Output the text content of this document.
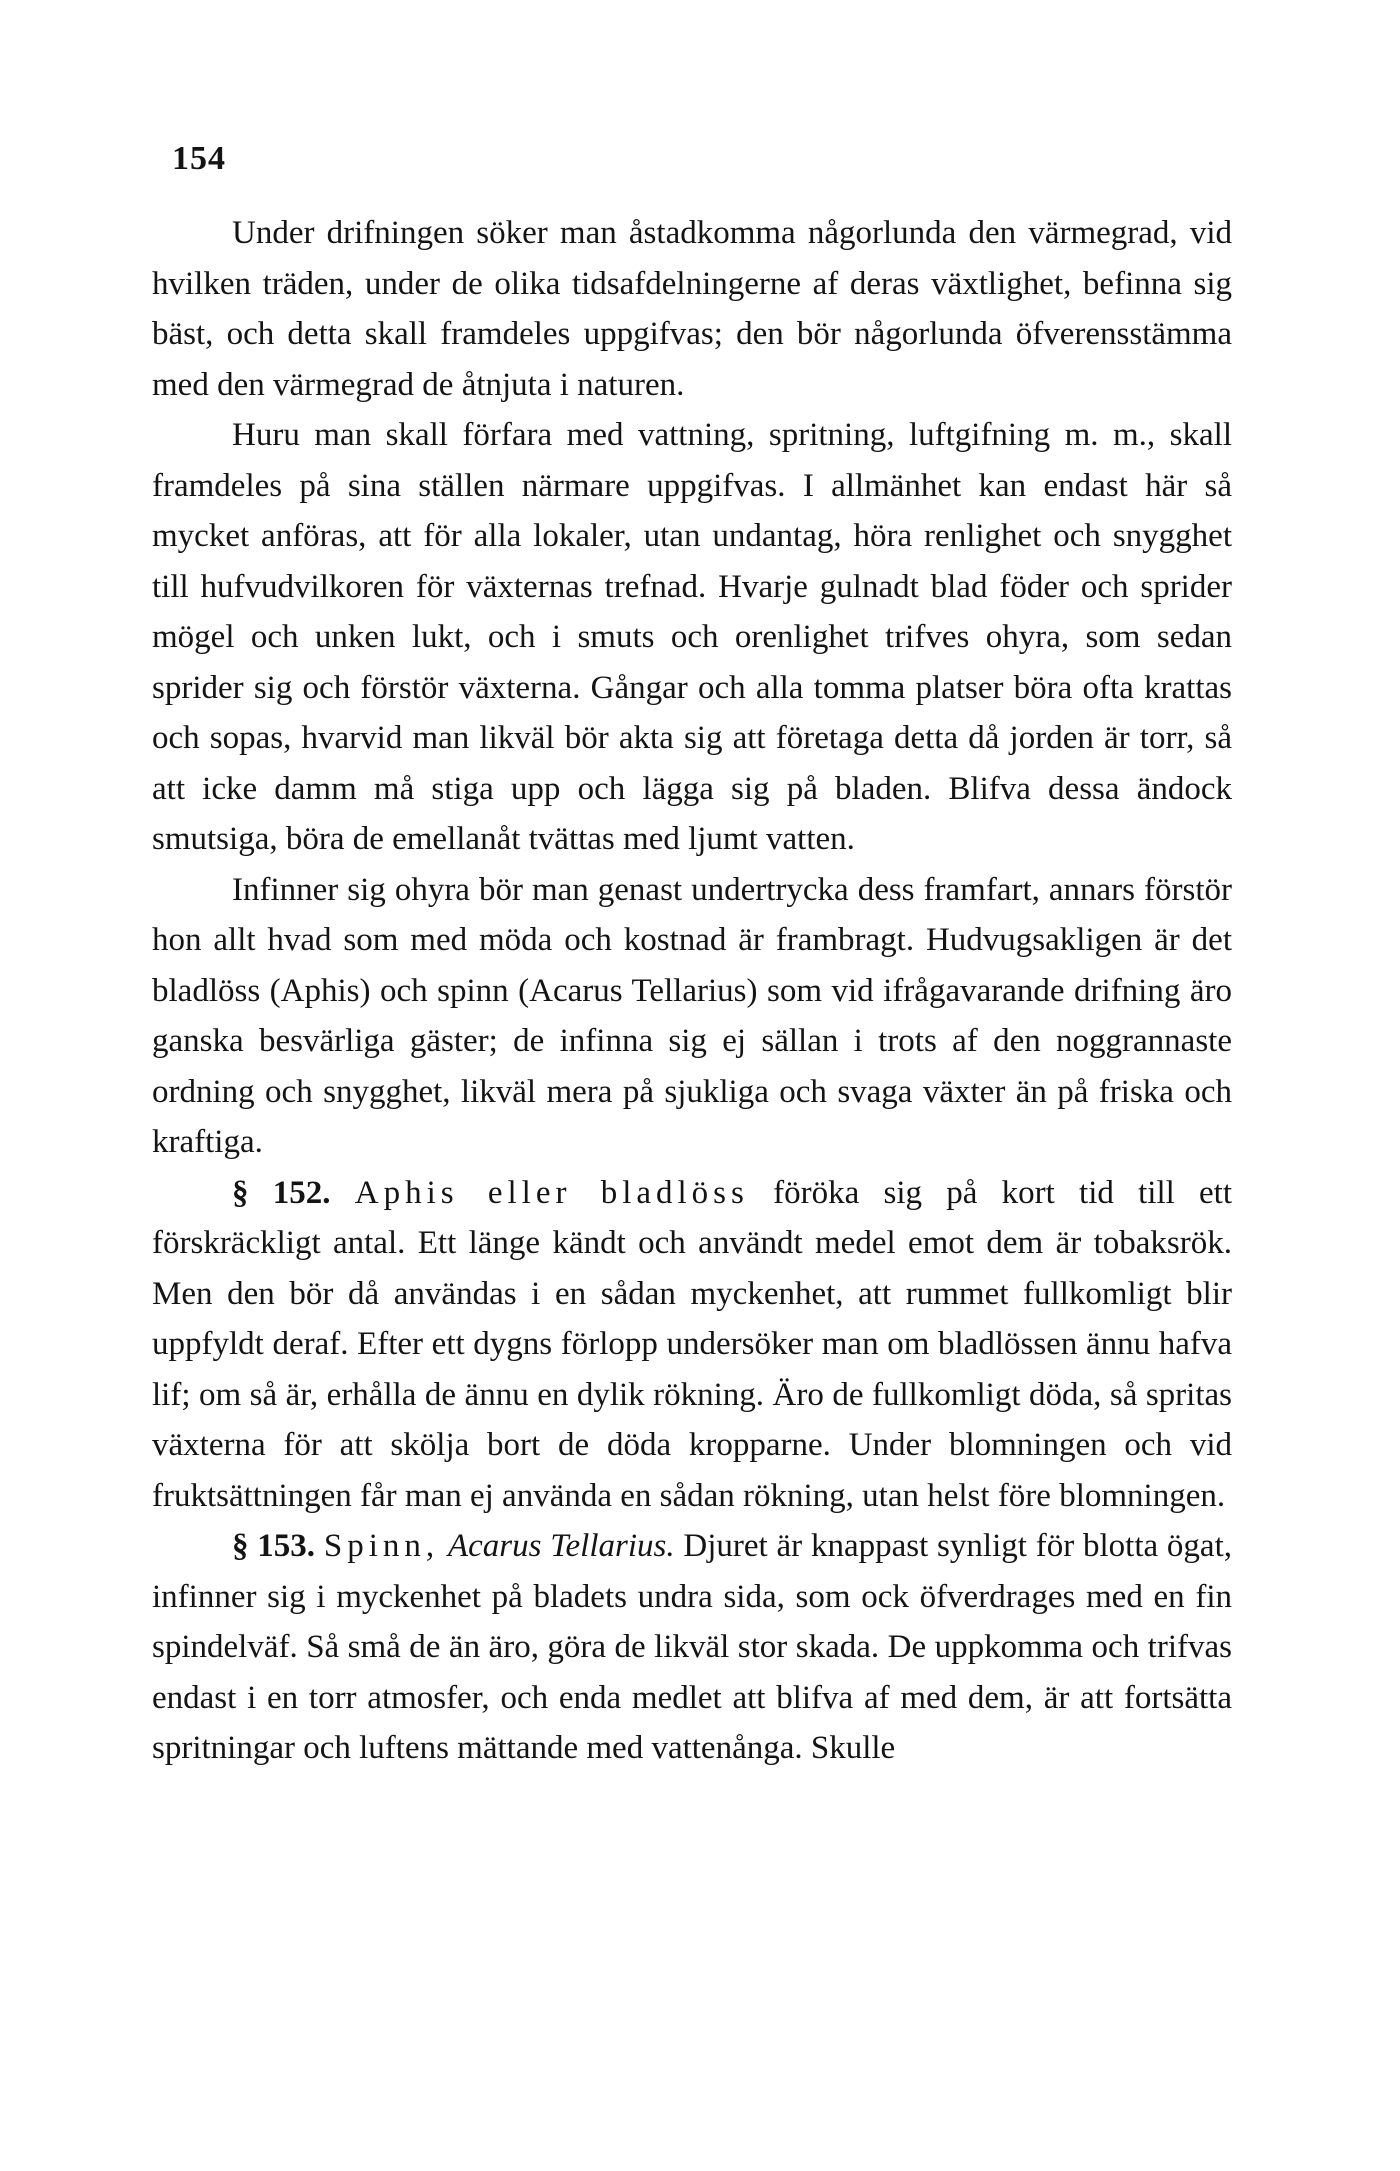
154

Under drifningen söker man åstadkomma någorlunda den värmegrad, vid hvilken träden, under de olika tidsafdelningerne af deras växtlighet, befinna sig bäst, och detta skall framdeles uppgifvas; den bör någorlunda öfverensstämma med den värmegrad de åtnjuta i naturen.

Huru man skall förfara med vattning, spritning, luftgifning m. m., skall framdeles på sina ställen närmare uppgifvas. I allmänhet kan endast här så mycket anföras, att för alla lokaler, utan undantag, höra renlighet och snygghet till hufvudvilkoren för växternas trefnad. Hvarje gulnadt blad föder och sprider mögel och unken lukt, och i smuts och orenlighet trifves ohyra, som sedan sprider sig och förstör växterna. Gångar och alla tomma platser böra ofta krattas och sopas, hvarvid man likväl bör akta sig att företaga detta då jorden är torr, så att icke damm må stiga upp och lägga sig på bladen. Blifva dessa ändock smutsiga, böra de emellanåt tvättas med ljumt vatten.

Infinner sig ohyra bör man genast undertrycka dess framfart, annars förstör hon allt hvad som med möda och kostnad är frambragt. Hudvugsakligen är det bladlöss (Aphis) och spinn (Acarus Tellarius) som vid ifrågavarande drifning äro ganska besvärliga gäster; de infinna sig ej sällan i trots af den noggrannaste ordning och snygghet, likväl mera på sjukliga och svaga växter än på friska och kraftiga.

§ 152. Aphis eller bladlöss föröka sig på kort tid till ett förskräckligt antal. Ett länge kändt och användt medel emot dem är tobaksrök. Men den bör då användas i en sådan myckenhet, att rummet fullkomligt blir uppfyldt deraf. Efter ett dygns förlopp undersöker man om bladlössen ännu hafva lif; om så är, erhålla de ännu en dylik rökning. Äro de fullkomligt döda, så spritas växterna för att skölja bort de döda kropparne. Under blomningen och vid fruktsättningen får man ej använda en sådan rökning, utan helst före blomningen.

§ 153. Spinn, Acarus Tellarius. Djuret är knappast synligt för blotta ögat, infinner sig i myckenhet på bladets undra sida, som ock öfverdrages med en fin spindelväf. Så små de än äro, göra de likväl stor skada. De uppkomma och trifvas endast i en torr atmosfer, och enda medlet att blifva af med dem, är att fortsätta spritningar och luftens mättande med vattenånga. Skulle
